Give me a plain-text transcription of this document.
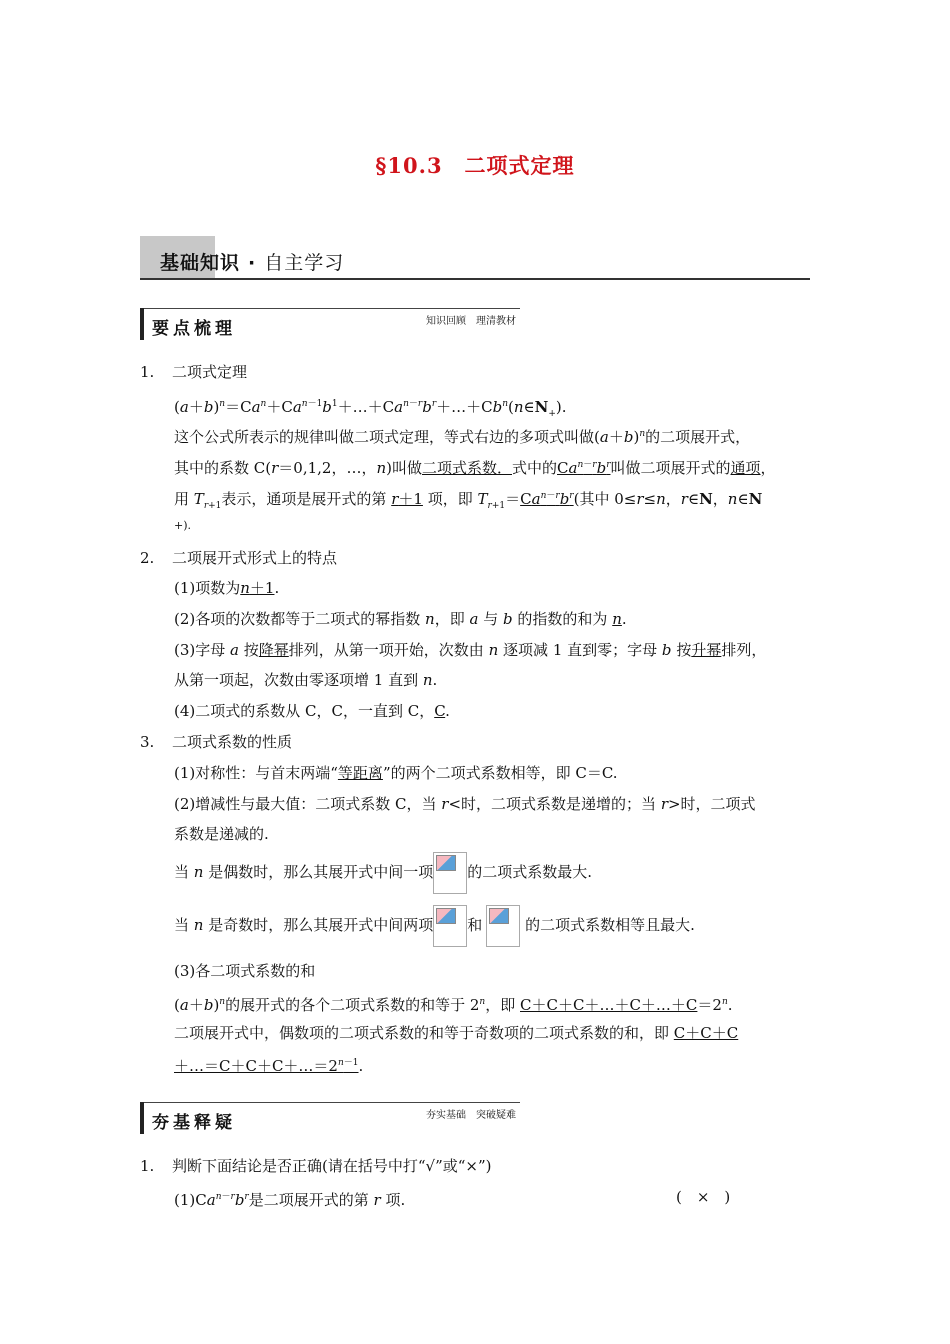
§10.3　二项式定理
基础知识 · 自主学习
要点梳理	知识回顾　理清教材
1. 二项式定理
$(a+b)^n=Ca^n+Ca^{n-1}b^1+\dots+Ca^{n-r}b^r+\dots+Cb^n(n\in N_+)$.
这个公式所表示的规律叫做二项式定理，等式右边的多项式叫做$(a+b)^n$的二项展开式，
其中的系数 C(r＝0,1,2，…，n)叫做二项式系数．式中的$Ca^{n-r}b^r$叫做二项展开式的通项，
用 $T_{r+1}$表示，通项是展开式的第 r＋1 项，即 $T_{r+1}=Ca^{n-r}b^r$(其中 0≤r≤n，r∈N，n∈N
+).
2. 二项展开式形式上的特点
(1)项数为n＋1.
(2)各项的次数都等于二项式的幂指数 n，即 a 与 b 的指数的和为 n.
(3)字母 a 按降幂排列，从第一项开始，次数由 n 逐项减 1 直到零；字母 b 按升幂排列，
从第一项起，次数由零逐项增 1 直到 n.
(4)二项式的系数从 C，C，一直到 C，C.
3. 二项式系数的性质
(1)对称性：与首末两端“等距离”的两个二项式系数相等，即 C＝C.
(2)增减性与最大值：二项式系数 C，当 r<时，二项式系数是递增的；当 r>时，二项式
系数是递减的.
当 n 是偶数时，那么其展开式中间一项 的二项式系数最大.
当 n 是奇数时，那么其展开式中间两项 和	的二项式系数相等且最大.
(3)各二项式系数的和
$(a+b)^n$的展开式的各个二项式系数的和等于 2$^n$，即 $C+C+C+\dots+C+\dots+C=2^n$.
二项展开式中，偶数项的二项式系数的和等于奇数项的二项式系数的和，即 C＋C＋C
$+\dots=C+C+C+\dots=2^{n-1}$.
夯基释疑	夯实基础　突破疑难
1. 判断下面结论是否正确(请在括号中打“√”或“×”)
$(1)Ca^{n-r}b^r$是二项展开式的第 r 项.	(　×　)
